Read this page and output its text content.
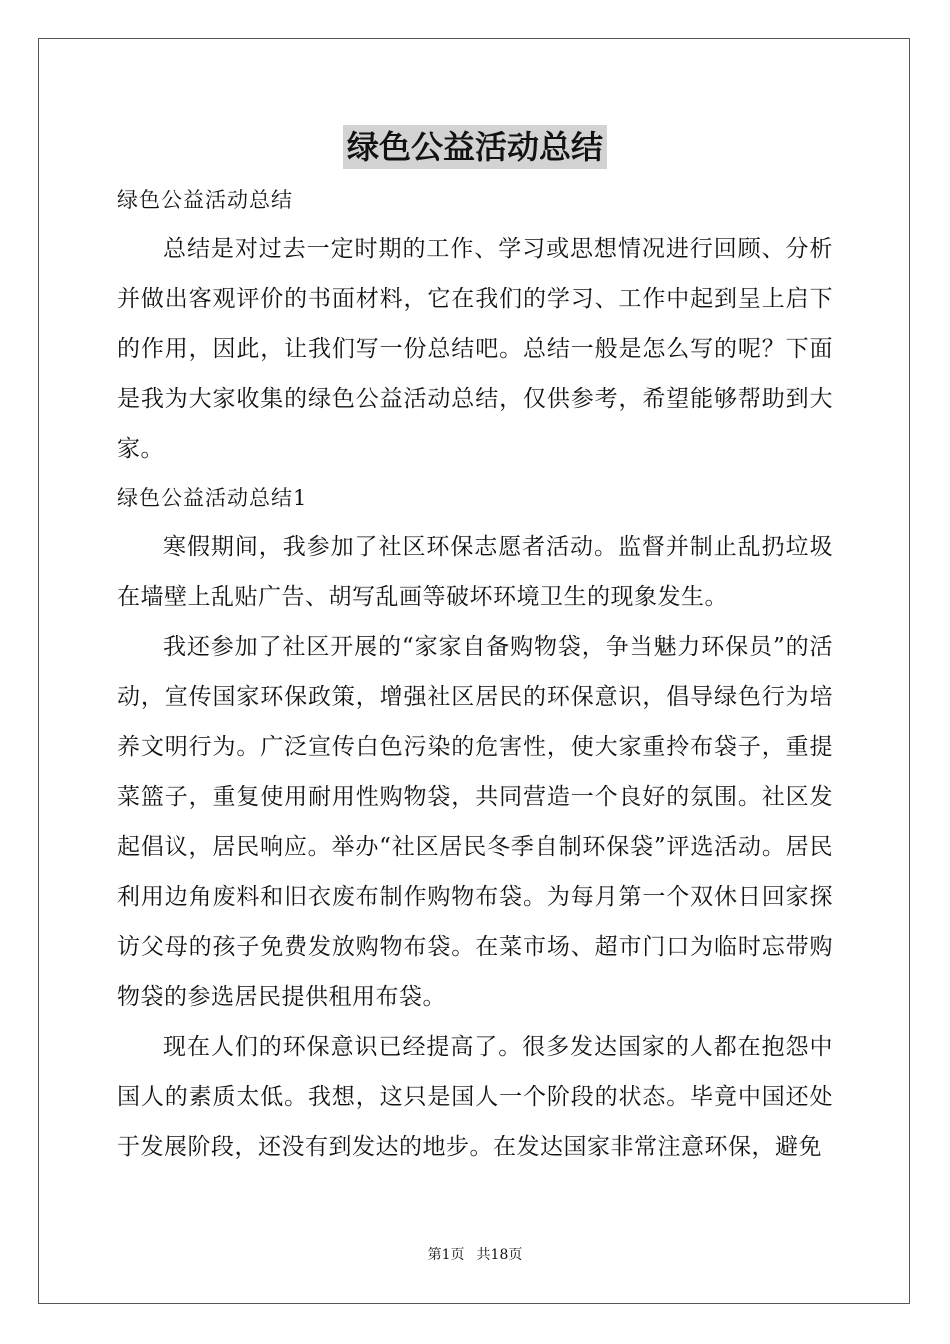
绿色公益活动总结

绿色公益活动总结

总结是对过去一定时期的工作、学习或思想情况进行回顾、分析并做出客观评价的书面材料，它在我们的学习、工作中起到呈上启下的作用，因此，让我们写一份总结吧。总结一般是怎么写的呢？下面是我为大家收集的绿色公益活动总结，仅供参考，希望能够帮助到大家。

绿色公益活动总结1

寒假期间，我参加了社区环保志愿者活动。监督并制止乱扔垃圾在墙壁上乱贴广告、胡写乱画等破坏环境卫生的现象发生。

我还参加了社区开展的“家家自备购物袋，争当魅力环保员”的活动，宣传国家环保政策，增强社区居民的环保意识，倡导绿色行为培养文明行为。广泛宣传白色污染的危害性，使大家重拎布袋子，重提菜篮子，重复使用耐用性购物袋，共同营造一个良好的氛围。社区发起倡议，居民响应。举办“社区居民冬季自制环保袋”评选活动。居民利用边角废料和旧衣废布制作购物布袋。为每月第一个双休日回家探访父母的孩子免费发放购物布袋。在菜市场、超市门口为临时忘带购物袋的参选居民提供租用布袋。

现在人们的环保意识已经提高了。很多发达国家的人都在抱怨中国人的素质太低。我想，这只是国人一个阶段的状态。毕竟中国还处于发展阶段，还没有到发达的地步。在发达国家非常注意环保，避免

第1页 共18页
